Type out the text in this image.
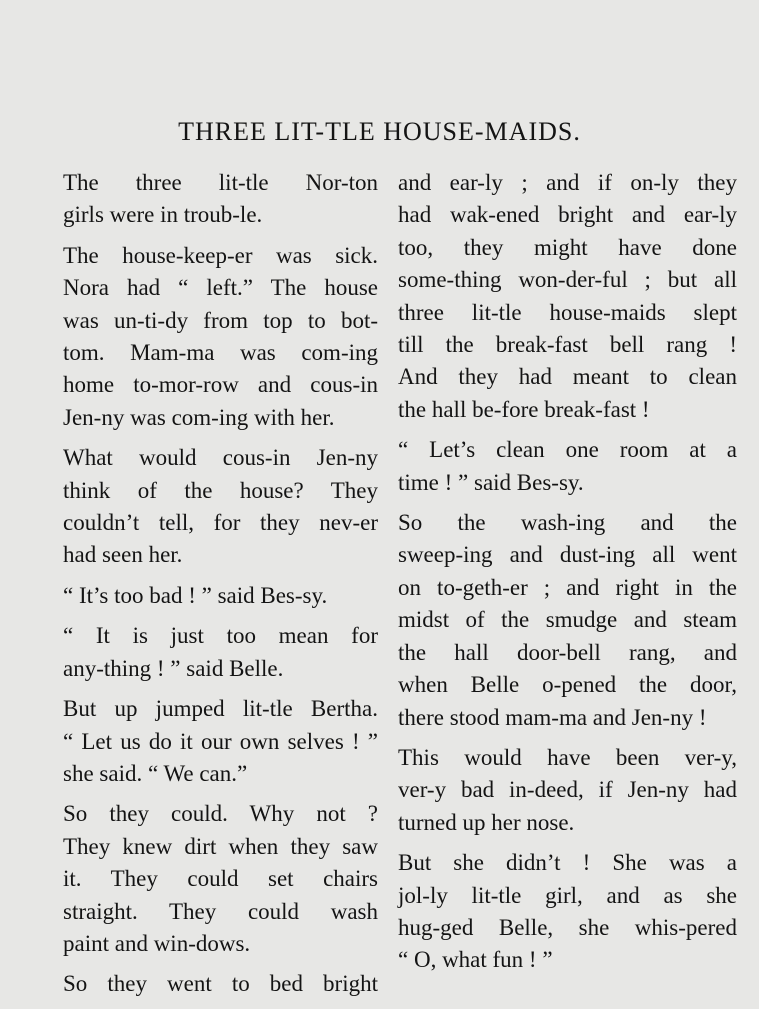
THREE LIT-TLE HOUSE-MAIDS.
The three lit-tle Nor-ton
girls were in troub-le.
The house-keep-er was sick.
Nora had “ left.” The house
was un-ti-dy from top to bot-
tom. Mam-ma was com-ing
home to-mor-row and cous-in
Jen-ny was com-ing with her.
What would cous-in Jen-ny
think of the house? They
couldn’t tell, for they nev-er
had seen her.
“ It’s too bad ! ” said Bes-sy.
“ It is just too mean for
any-thing ! ” said Belle.
But up jumped lit-tle Bertha.
“ Let us do it our own selves ! ”
she said. “ We can.”
So they could. Why not ?
They knew dirt when they saw
it. They could set chairs
straight. They could wash
paint and win-dows.
So they went to bed bright
and ear-ly ; and if on-ly they
had wak-ened bright and ear-ly
too, they might have done
some-thing won-der-ful ; but all
three lit-tle house-maids slept
till the break-fast bell rang !
And they had meant to clean
the hall be-fore break-fast !
“ Let’s clean one room at a
time ! ” said Bes-sy.
So the wash-ing and the
sweep-ing and dust-ing all went
on to-geth-er ; and right in the
midst of the smudge and steam
the hall door-bell rang, and
when Belle o-pened the door,
there stood mam-ma and Jen-ny !
This would have been ver-y,
ver-y bad in-deed, if Jen-ny had
turned up her nose.
But she didn’t ! She was a
jol-ly lit-tle girl, and as she
hug-ged Belle, she whis-pered
“ O, what fun ! ”
